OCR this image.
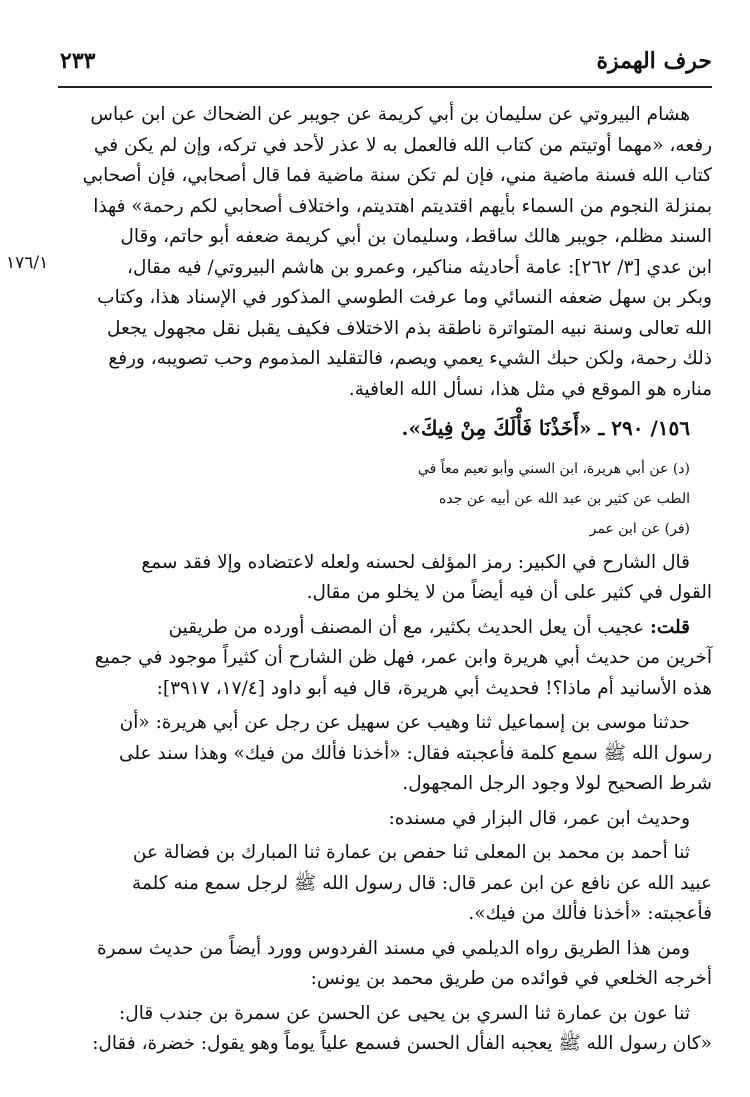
حرف الهمزة
٢٣٣

هشام البيروتي عن سليمان بن أبي كريمة عن جويبر عن الضحاك عن ابن عباس

رفعه، «مهما أوتيتم من كتاب الله فالعمل به لا عذر لأحد في تركه، وإن لم يكن في

كتاب الله فسنة ماضية مني، فإن لم تكن سنة ماضية فما قال أصحابي، فإن أصحابي

بمنزلة النجوم من السماء بأيهم اقتديتم اهتديتم، واختلاف أصحابي لكم رحمة» فهذا

السند مظلم، جويبر هالك ساقط، وسليمان بن أبي كريمة ضعفه أبو حاتم، وقال

ابن عدي [٣/ ٢٦٢]: عامة أحاديثه مناكير، وعمرو بن هاشم البيروتي/ فيه مقال،

١٧٦/١

وبكر بن سهل ضعفه النسائي وما عرفت الطوسي المذكور في الإسناد هذا، وكتاب

الله تعالى وسنة نبيه المتواترة ناطقة بذم الاختلاف فكيف يقبل نقل مجهول يجعل

ذلك رحمة، ولكن حبك الشيء يعمي ويصم، فالتقليد المذموم وحب تصويبه، ورفع

مناره هو الموقع في مثل هذا، نسأل الله العافية.

١٥٦/ ٢٩٠ ـ «أَخَذْنَا فَأْلَكَ مِنْ فِيكَ».

(د) عن أبي هريرة، ابن السني وأبو نعيم معاً في

الطب عن كثير بن عبد الله عن أبيه عن جده

(فر) عن ابن عمر

قال الشارح في الكبير: رمز المؤلف لحسنه ولعله لاعتضاده وإلا فقد سمع

القول في كثير على أن فيه أيضاً من لا يخلو من مقال.

قلت: عجيب أن يعل الحديث بكثير، مع أن المصنف أورده من طريقين

آخرين من حديث أبي هريرة وابن عمر، فهل ظن الشارح أن كثيراً موجود في جميع

هذه الأسانيد أم ماذا؟! فحديث أبي هريرة، قال فيه أبو داود [١٧/٤، ٣٩١٧]:

حدثنا موسى بن إسماعيل ثنا وهيب عن سهيل عن رجل عن أبي هريرة: «أن

رسول الله ﷺ سمع كلمة فأعجبته فقال: «أخذنا فألك من فيك» وهذا سند على

شرط الصحيح لولا وجود الرجل المجهول.

وحديث ابن عمر، قال البزار في مسنده:

ثنا أحمد بن محمد بن المعلى ثنا حفص بن عمارة ثنا المبارك بن فضالة عن

عبيد الله عن نافع عن ابن عمر قال: قال رسول الله ﷺ لرجل سمع منه كلمة

فأعجبته: «أخذنا فألك من فيك».

ومن هذا الطريق رواه الديلمي في مسند الفردوس وورد أيضاً من حديث سمرة

أخرجه الخلعي في فوائده من طريق محمد بن يونس:

ثنا عون بن عمارة ثنا السري بن يحيى عن الحسن عن سمرة بن جندب قال:

«كان رسول الله ﷺ يعجبه الفأل الحسن فسمع علياً يوماً وهو يقول: خضرة، فقال:
